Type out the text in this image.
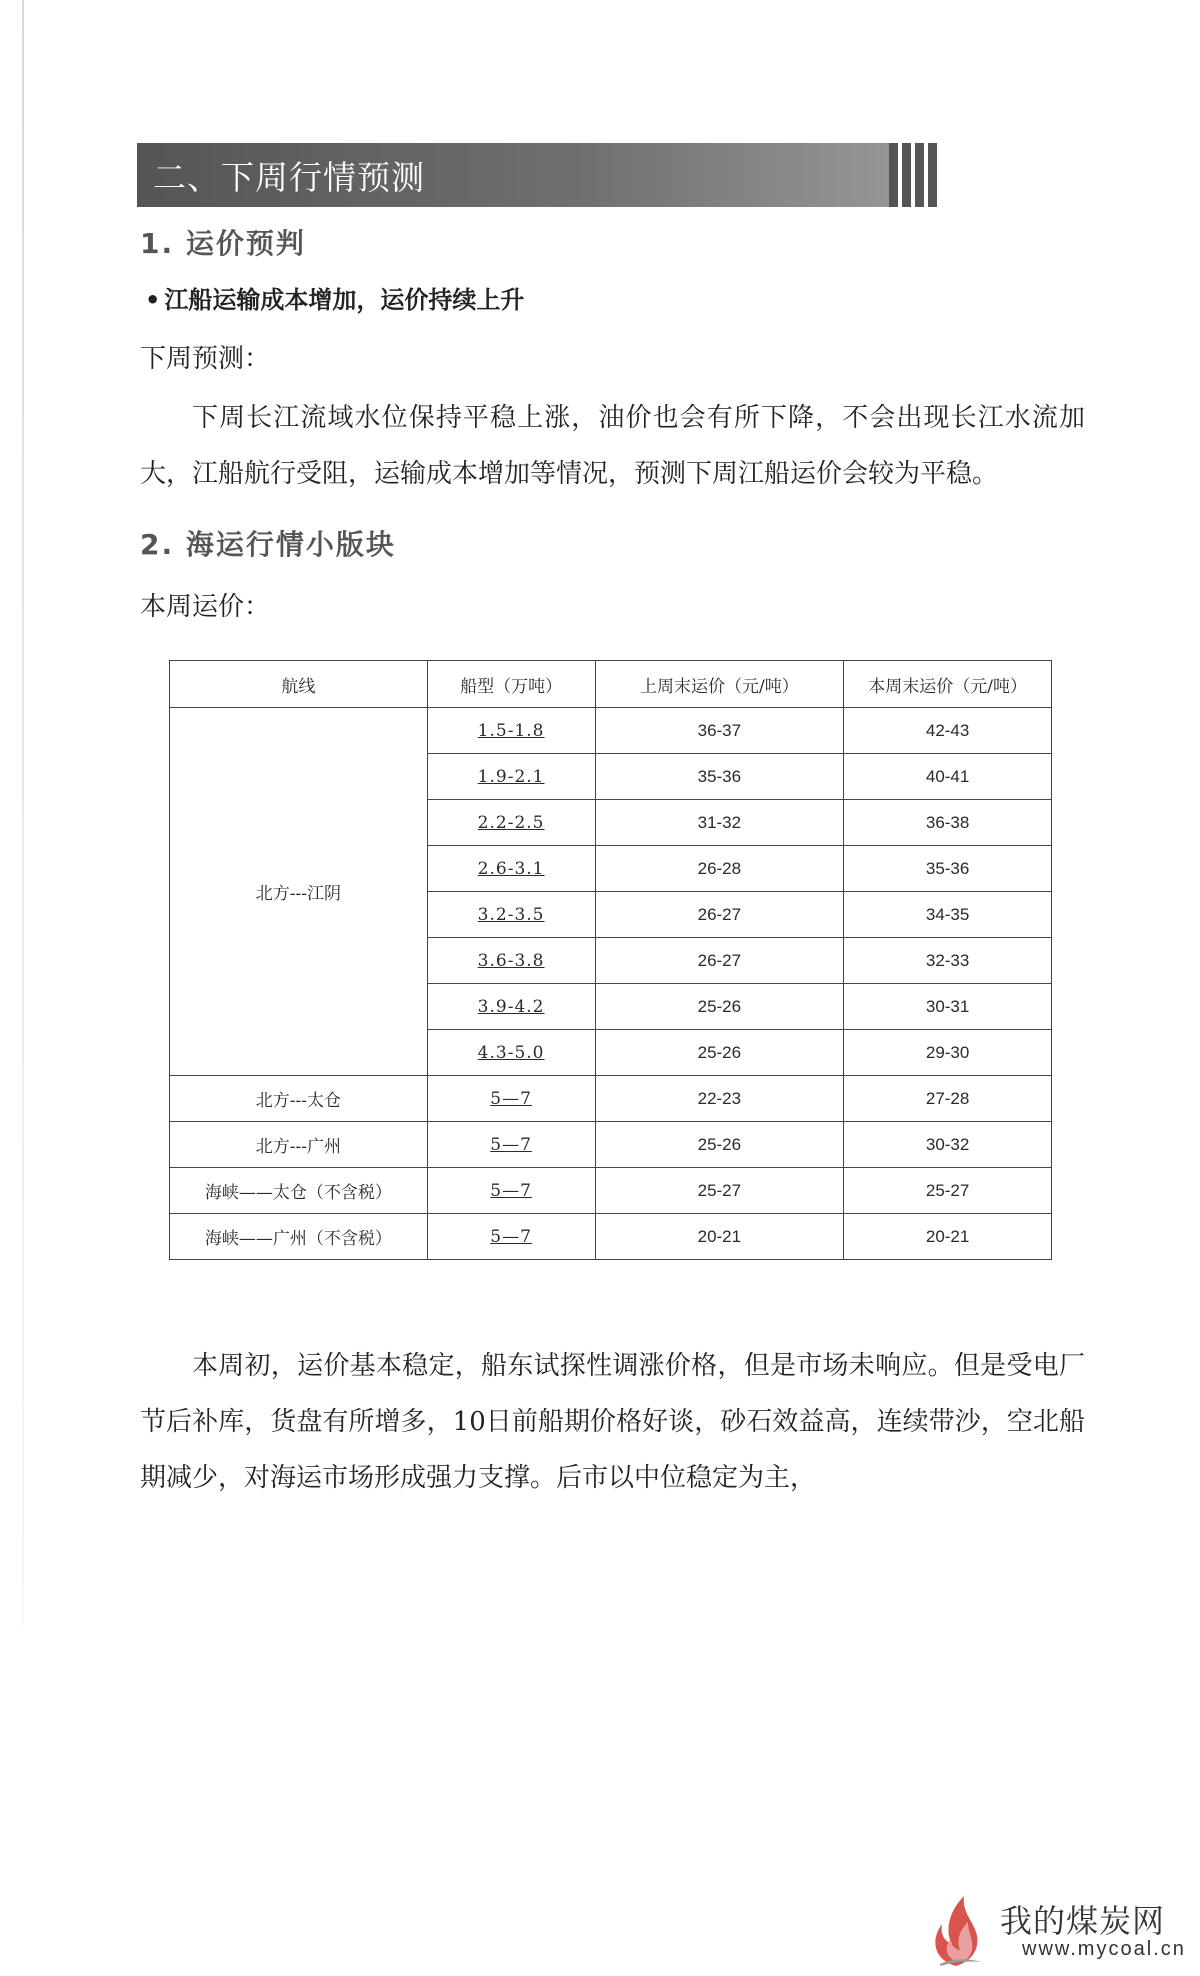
二、下周行情预测
1. 运价预判
• 江船运输成本增加，运价持续上升
下周预测：

下周长江流域水位保持平稳上涨，油价也会有所下降，不会出现长江水流加大，江船航行受阻，运输成本增加等情况，预测下周江船运价会较为平稳。

2. 海运行情小版块
本周运价：
航线	船型（万吨）	上周末运价（元/吨）	本周末运价（元/吨）
北方---江阴	1.5-1.8	36-37	42-43
	1.9-2.1	35-36	40-41
	2.2-2.5	31-32	36-38
	2.6-3.1	26-28	35-36
	3.2-3.5	26-27	34-35
	3.6-3.8	26-27	32-33
	3.9-4.2	25-26	30-31
	4.3-5.0	25-26	29-30
北方---太仓	5—7	22-23	27-28
北方---广州	5—7	25-26	30-32
海峡——太仓（不含税）	5—7	25-27	25-27
海峡——广州（不含税）	5—7	20-21	20-21

本周初，运价基本稳定，船东试探性调涨价格，但是市场未响应。但是受电厂节后补库，货盘有所增多，10日前船期价格好谈，砂石效益高，连续带沙，空北船期减少，对海运市场形成强力支撑。后市以中位稳定为主，

我的煤炭网
www.mycoal.cn
